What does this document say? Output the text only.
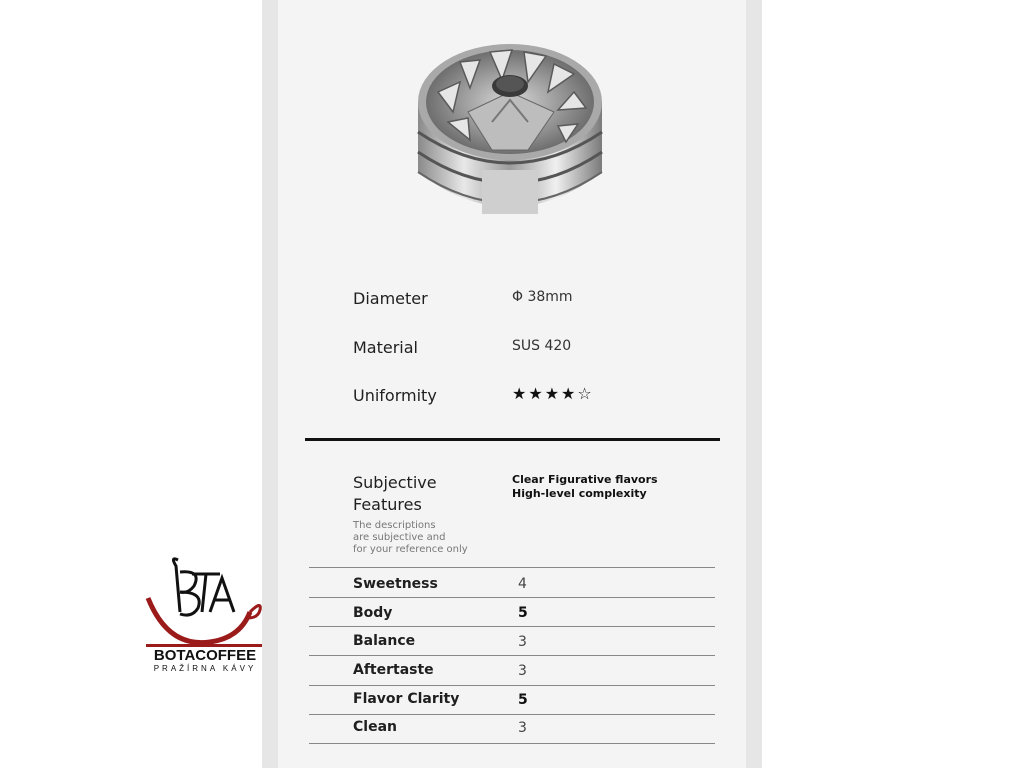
Diameter	Φ 38mm
Material	SUS 420
Uniformity	★★★★☆
Subjective Features
The descriptions
are subjective and
for your reference only
Clear Figurative flavors
High-level complexity
Sweetness	4
Body	5
Balance	3
Aftertaste	3
Flavor Clarity	5
Clean	3
BOTACOFFEE
PRAŽÍRNA KÁVY
